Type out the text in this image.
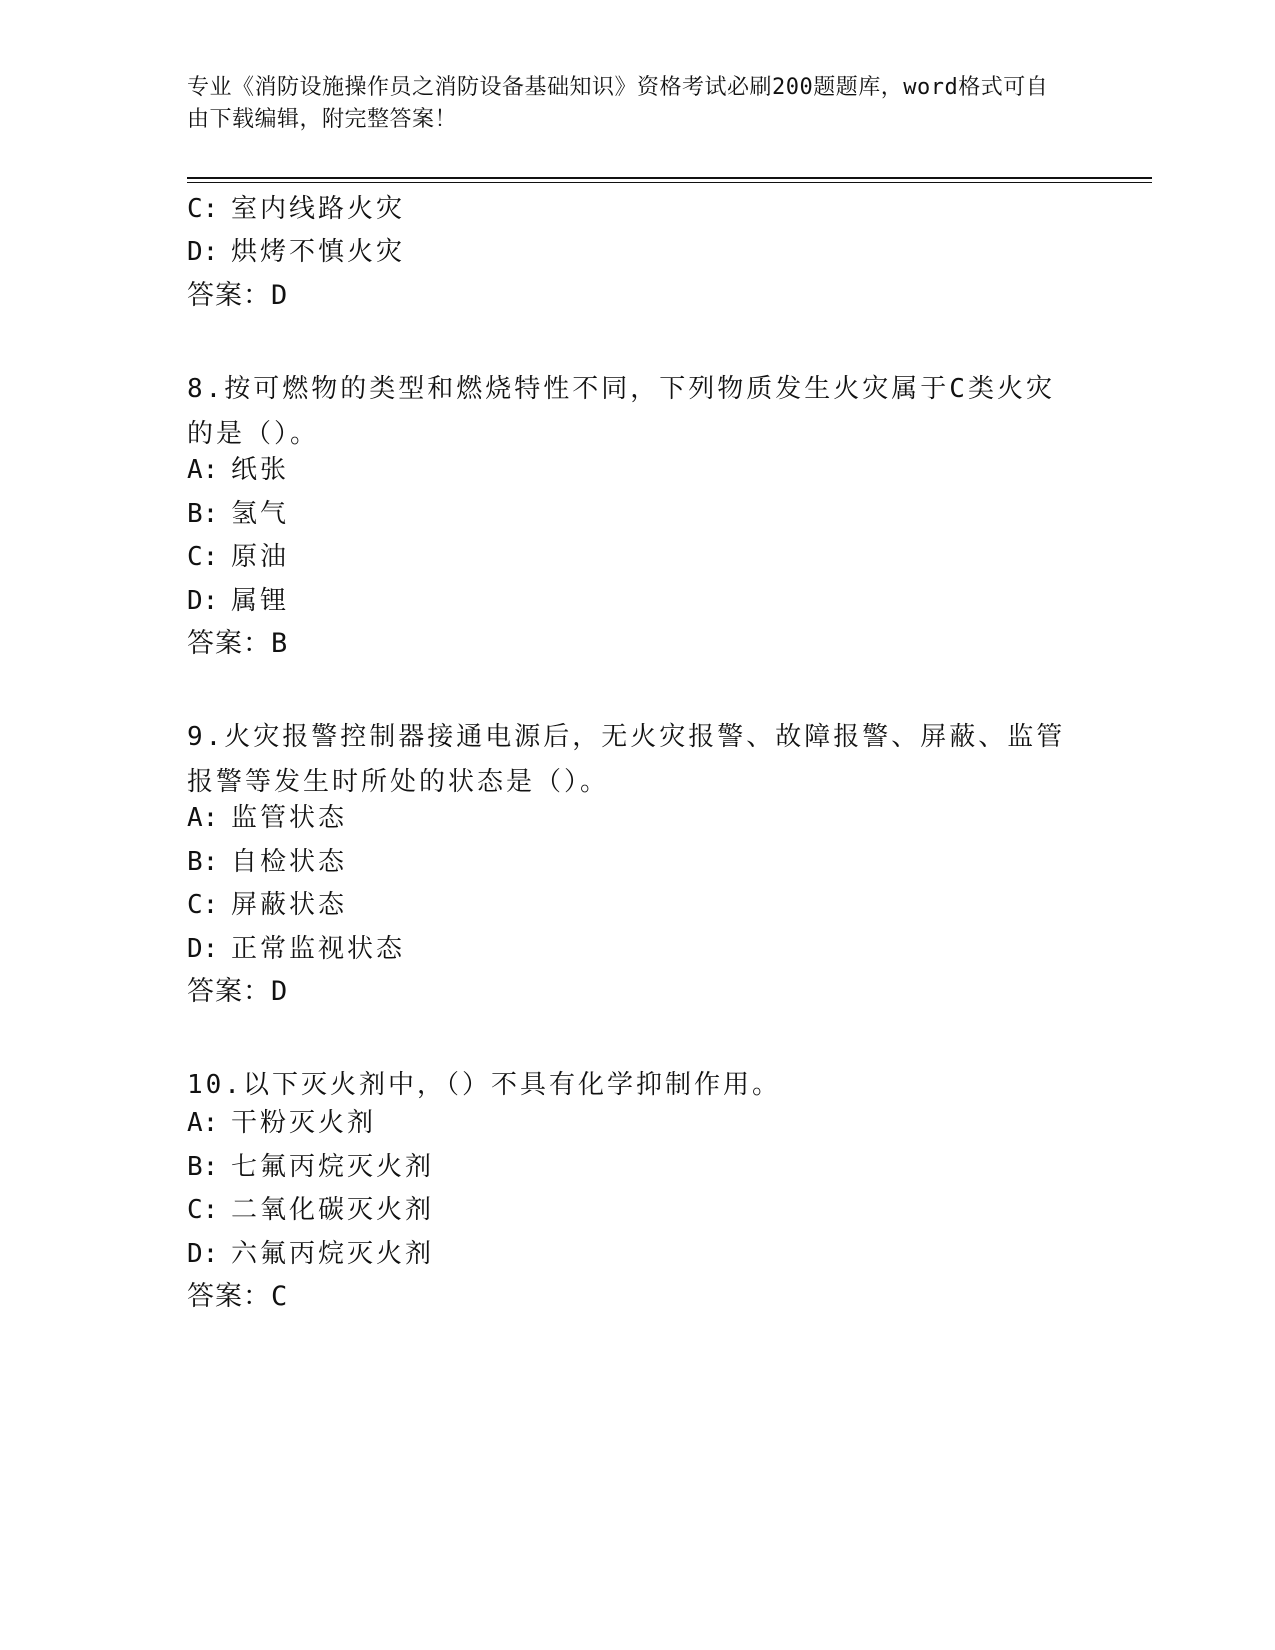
专业《消防设施操作员之消防设备基础知识》资格考试必刷200题题库，word格式可自由下载编辑，附完整答案！
C: 室内线路火灾
D: 烘烤不慎火灾
答案：D
8.按可燃物的类型和燃烧特性不同，下列物质发生火灾属于C类火灾的是（）。
A: 纸张
B: 氢气
C: 原油
D: 属锂
答案：B
9.火灾报警控制器接通电源后，无火灾报警、故障报警、屏蔽、监管报警等发生时所处的状态是（）。
A: 监管状态
B: 自检状态
C: 屏蔽状态
D: 正常监视状态
答案：D
10.以下灭火剂中，（）不具有化学抑制作用。
A: 干粉灭火剂
B: 七氟丙烷灭火剂
C: 二氧化碳灭火剂
D: 六氟丙烷灭火剂
答案：C
